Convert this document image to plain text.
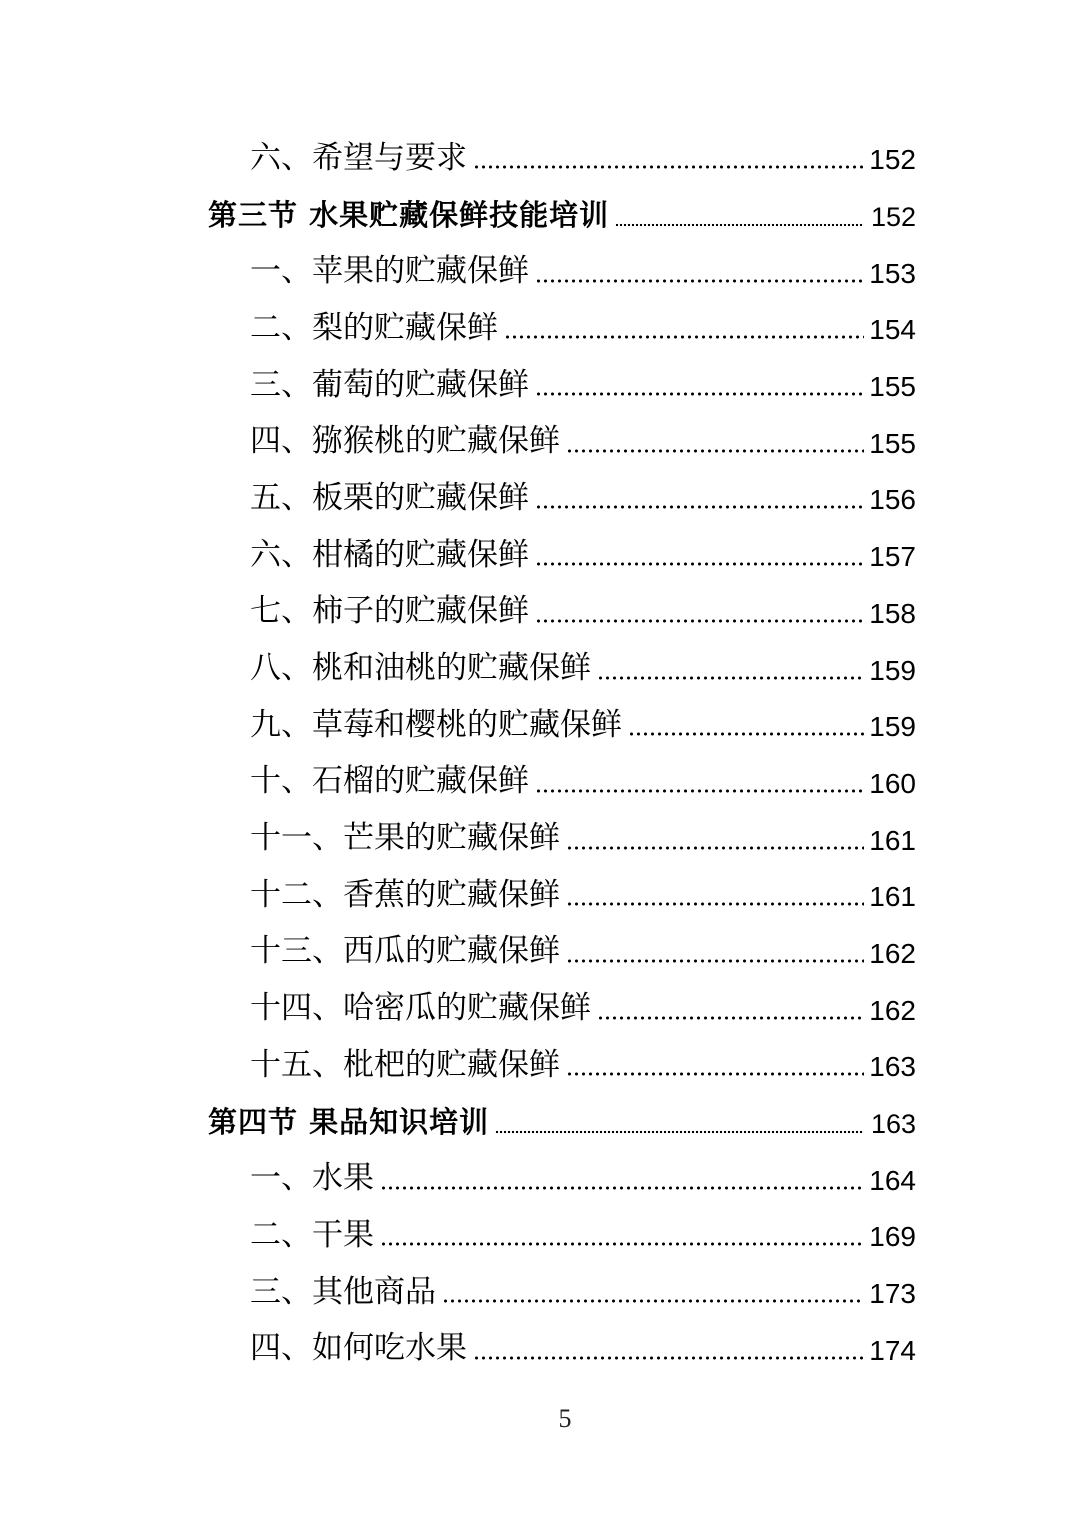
六、希望与要求	152
第三节 水果贮藏保鲜技能培训	152
一、苹果的贮藏保鲜	153
二、梨的贮藏保鲜	154
三、葡萄的贮藏保鲜	155
四、猕猴桃的贮藏保鲜	155
五、板栗的贮藏保鲜	156
六、柑橘的贮藏保鲜	157
七、柿子的贮藏保鲜	158
八、桃和油桃的贮藏保鲜	159
九、草莓和樱桃的贮藏保鲜	159
十、石榴的贮藏保鲜	160
十一、芒果的贮藏保鲜	161
十二、香蕉的贮藏保鲜	161
十三、西瓜的贮藏保鲜	162
十四、哈密瓜的贮藏保鲜	162
十五、枇杷的贮藏保鲜	163
第四节 果品知识培训	163
一、水果	164
二、干果	169
三、其他商品	173
四、如何吃水果	174
5
